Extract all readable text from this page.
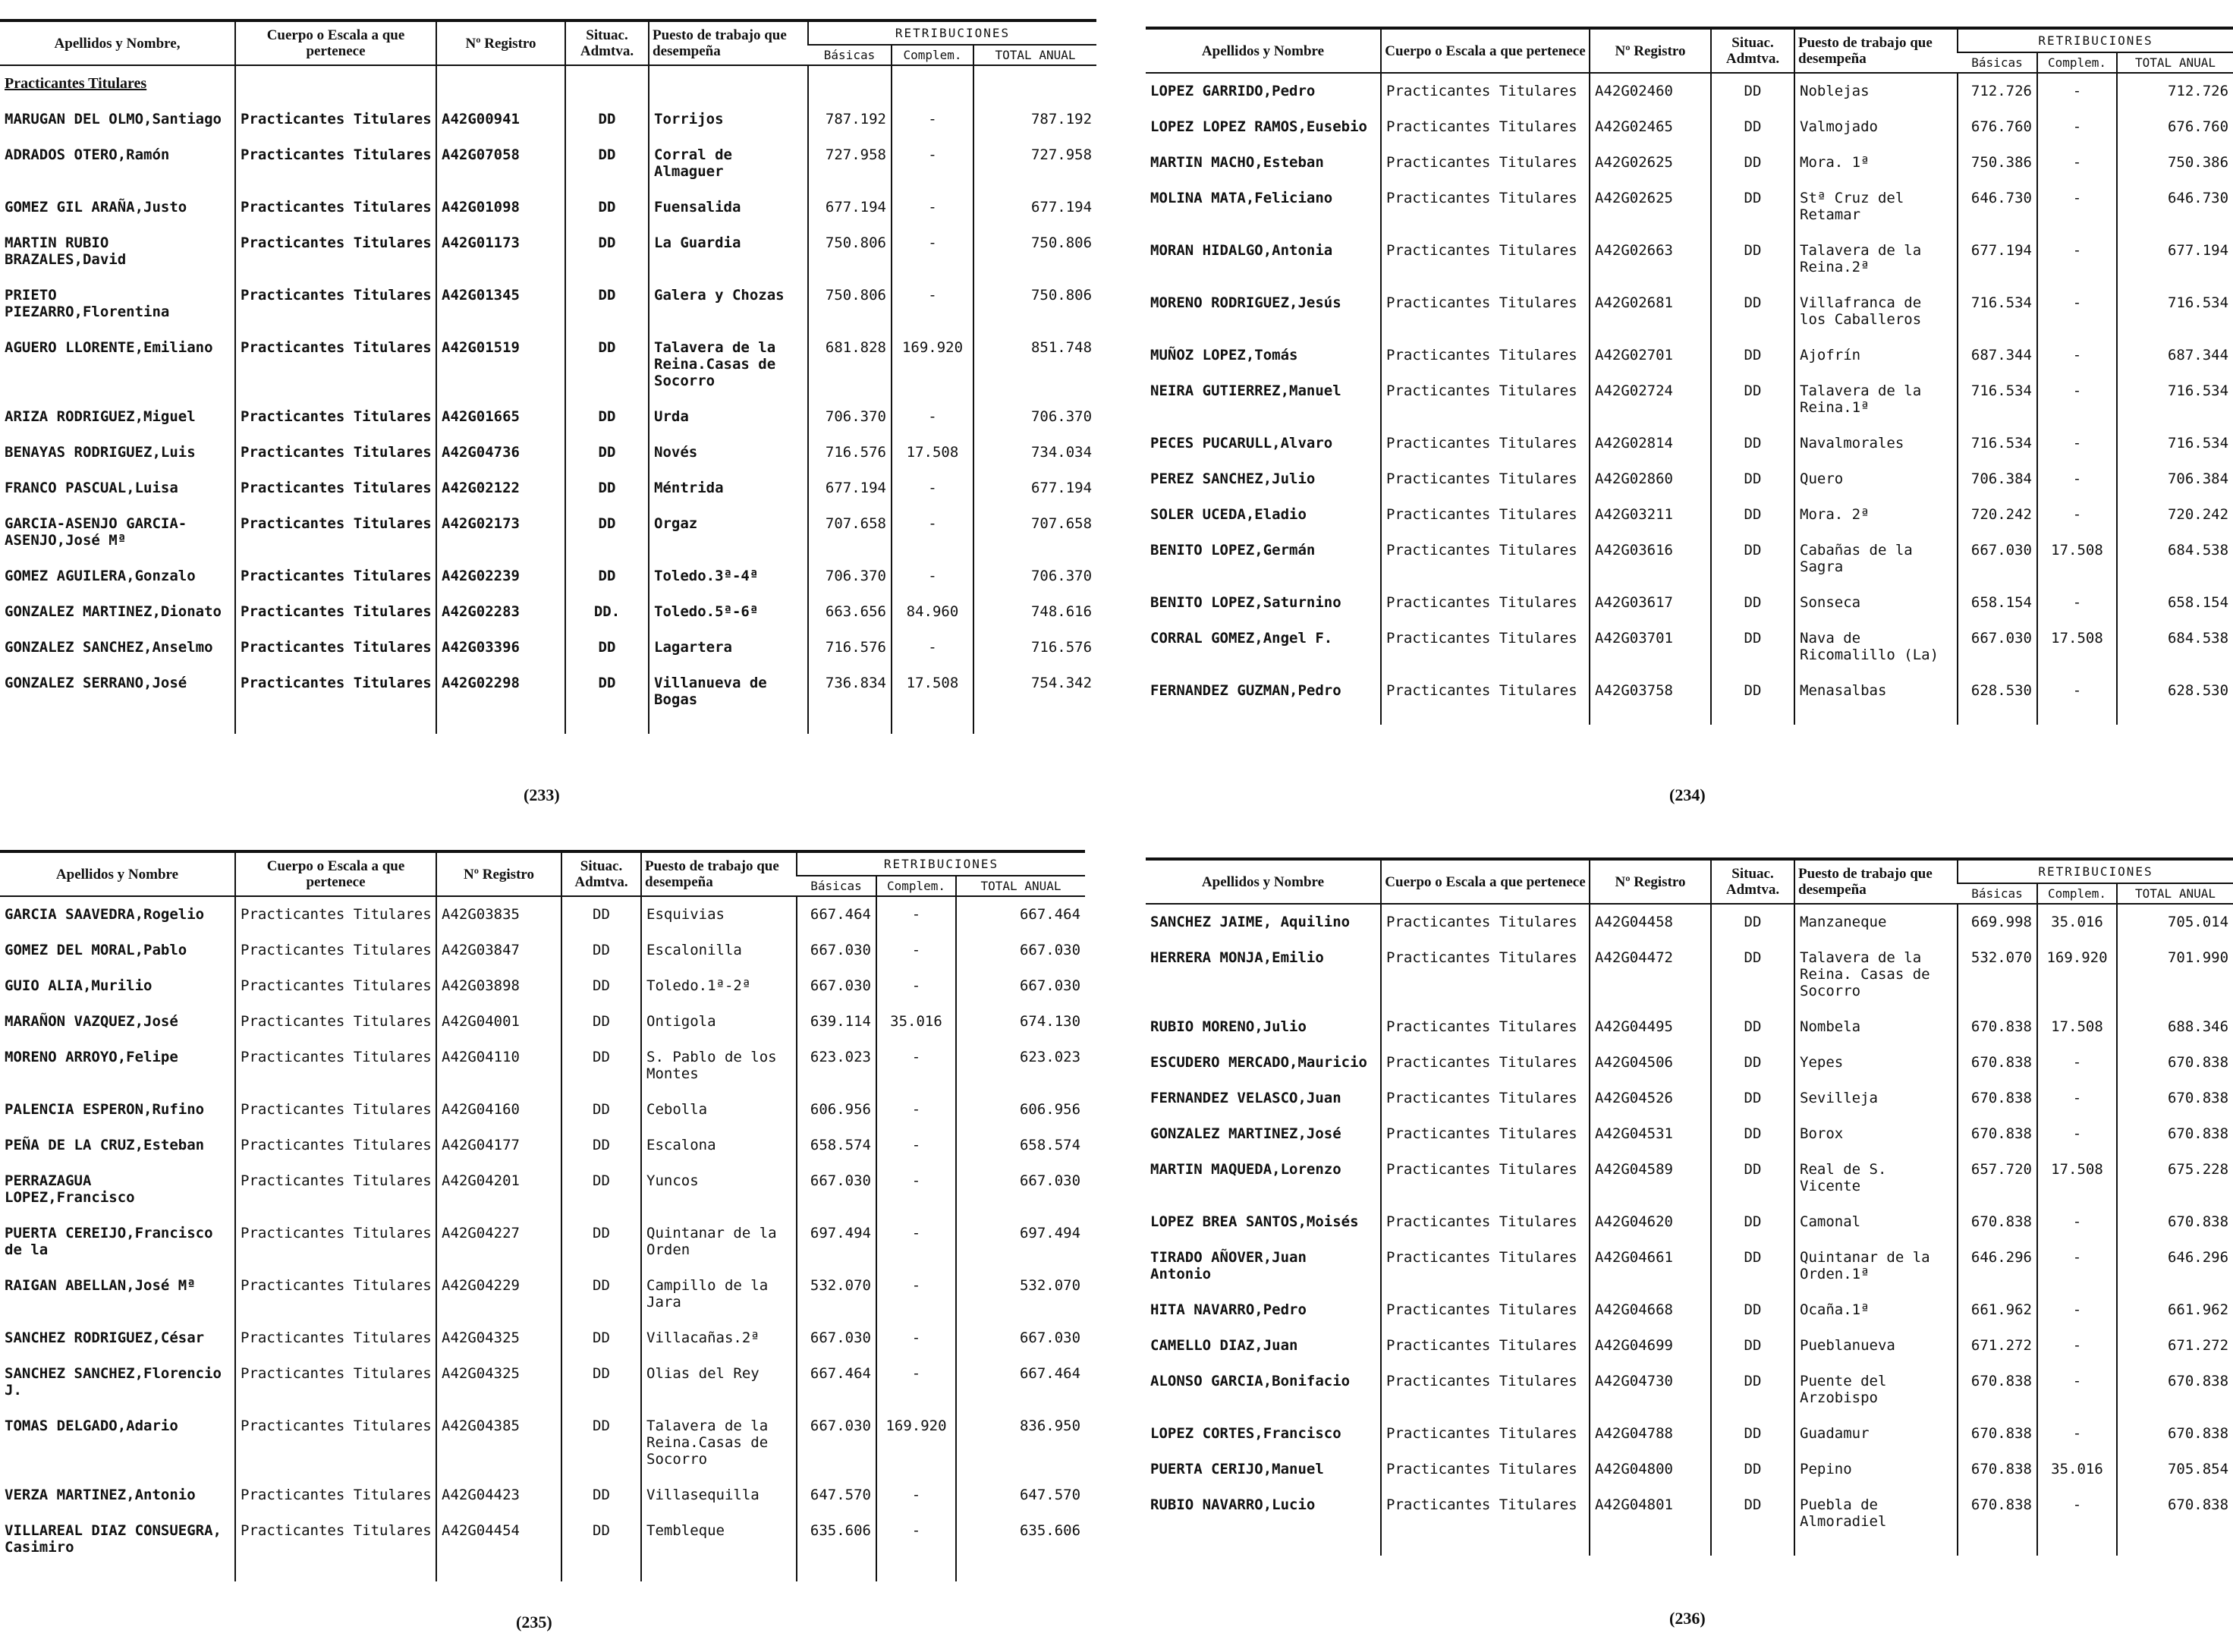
Apellidos y Nombre,	Cuerpo o Escala a que pertenece	Nº Registro	Situac. Admtva.	Puesto de trabajo que desempeña	RETRIBUCIONES		
					Básicas	Complem.	TOTAL ANUAL
Practicantes Titulares							
MARUGAN DEL OLMO,Santiago	Practicantes Titulares	A42G00941	DD	Torrijos	787.192	-	787.192
ADRADOS OTERO,Ramón	Practicantes Titulares	A42G07058	DD	Corral de Almaguer	727.958	-	727.958
GOMEZ GIL ARAÑA,Justo	Practicantes Titulares	A42G01098	DD	Fuensalida	677.194	-	677.194
MARTIN RUBIO BRAZALES,David	Practicantes Titulares	A42G01173	DD	La Guardia	750.806	-	750.806
PRIETO PIEZARRO,Florentina	Practicantes Titulares	A42G01345	DD	Galera y Chozas	750.806	-	750.806
AGUERO LLORENTE,Emiliano	Practicantes Titulares	A42G01519	DD	Talavera de la Reina.Casas de Socorro	681.828	169.920	851.748
ARIZA RODRIGUEZ,Miguel	Practicantes Titulares	A42G01665	DD	Urda	706.370	-	706.370
BENAYAS RODRIGUEZ,Luis	Practicantes Titulares	A42G04736	DD	Novés	716.576	17.508	734.034
FRANCO PASCUAL,Luisa	Practicantes Titulares	A42G02122	DD	Méntrida	677.194	-	677.194
GARCIA-ASENJO GARCIA-ASENJO,José Mª	Practicantes Titulares	A42G02173	DD	Orgaz	707.658	-	707.658
GOMEZ AGUILERA,Gonzalo	Practicantes Titulares	A42G02239	DD	Toledo.3ª-4ª	706.370	-	706.370
GONZALEZ MARTINEZ,Dionato	Practicantes Titulares	A42G02283	DD.	Toledo.5ª-6ª	663.656	84.960	748.616
GONZALEZ SANCHEZ,Anselmo	Practicantes Titulares	A42G03396	DD	Lagartera	716.576	-	716.576
GONZALEZ SERRANO,José	Practicantes Titulares	A42G02298	DD	Villanueva de Bogas	736.834	17.508	754.342
(233)
Apellidos y Nombre	Cuerpo o Escala a que pertenece	Nº Registro	Situac. Admtva.	Puesto de trabajo que desempeña	RETRIBUCIONES		
					Básicas	Complem.	TOTAL ANUAL
LOPEZ GARRIDO,Pedro	Practicantes Titulares	A42G02460	DD	Noblejas	712.726	-	712.726
LOPEZ LOPEZ RAMOS,Eusebio	Practicantes Titulares	A42G02465	DD	Valmojado	676.760	-	676.760
MARTIN MACHO,Esteban	Practicantes Titulares	A42G02625	DD	Mora. 1ª	750.386	-	750.386
MOLINA MATA,Feliciano	Practicantes Titulares	A42G02625	DD	Stª Cruz del Retamar	646.730	-	646.730
MORAN HIDALGO,Antonia	Practicantes Titulares	A42G02663	DD	Talavera de la Reina.2ª	677.194	-	677.194
MORENO RODRIGUEZ,Jesús	Practicantes Titulares	A42G02681	DD	Villafranca de los Caballeros	716.534	-	716.534
MUÑOZ LOPEZ,Tomás	Practicantes Titulares	A42G02701	DD	Ajofrín	687.344	-	687.344
NEIRA GUTIERREZ,Manuel	Practicantes Titulares	A42G02724	DD	Talavera de la Reina.1ª	716.534	-	716.534
PECES PUCARULL,Alvaro	Practicantes Titulares	A42G02814	DD	Navalmorales	716.534	-	716.534
PEREZ SANCHEZ,Julio	Practicantes Titulares	A42G02860	DD	Quero	706.384	-	706.384
SOLER UCEDA,Eladio	Practicantes Titulares	A42G03211	DD	Mora. 2ª	720.242	-	720.242
BENITO LOPEZ,Germán	Practicantes Titulares	A42G03616	DD	Cabañas de la Sagra	667.030	17.508	684.538
BENITO LOPEZ,Saturnino	Practicantes Titulares	A42G03617	DD	Sonseca	658.154	-	658.154
CORRAL GOMEZ,Angel F.	Practicantes Titulares	A42G03701	DD	Nava de Ricomalillo (La)	667.030	17.508	684.538
FERNANDEZ GUZMAN,Pedro	Practicantes Titulares	A42G03758	DD	Menasalbas	628.530	-	628.530
(234)
Apellidos y Nombre	Cuerpo o Escala a que pertenece	Nº Registro	Situac. Admtva.	Puesto de trabajo que desempeña	RETRIBUCIONES		
					Básicas	Complem.	TOTAL ANUAL
GARCIA SAAVEDRA,Rogelio	Practicantes Titulares	A42G03835	DD	Esquivias	667.464	-	667.464
GOMEZ DEL MORAL,Pablo	Practicantes Titulares	A42G03847	DD	Escalonilla	667.030	-	667.030
GUIO ALIA,Murilio	Practicantes Titulares	A42G03898	DD	Toledo.1ª-2ª	667.030	-	667.030
MARAÑON VAZQUEZ,José	Practicantes Titulares	A42G04001	DD	Ontigola	639.114	35.016	674.130
MORENO ARROYO,Felipe	Practicantes Titulares	A42G04110	DD	S. Pablo de los Montes	623.023	-	623.023
PALENCIA ESPERON,Rufino	Practicantes Titulares	A42G04160	DD	Cebolla	606.956	-	606.956
PEÑA DE LA CRUZ,Esteban	Practicantes Titulares	A42G04177	DD	Escalona	658.574	-	658.574
PERRAZAGUA LOPEZ,Francisco	Practicantes Titulares	A42G04201	DD	Yuncos	667.030	-	667.030
PUERTA CEREIJO,Francisco de la	Practicantes Titulares	A42G04227	DD	Quintanar de la Orden	697.494	-	697.494
RAIGAN ABELLAN,José Mª	Practicantes Titulares	A42G04229	DD	Campillo de la Jara	532.070	-	532.070
SANCHEZ RODRIGUEZ,César	Practicantes Titulares	A42G04325	DD	Villacañas.2ª	667.030	-	667.030
SANCHEZ SANCHEZ,Florencio J.	Practicantes Titulares	A42G04325	DD	Olias del Rey	667.464	-	667.464
TOMAS DELGADO,Adario	Practicantes Titulares	A42G04385	DD	Talavera de la Reina.Casas de Socorro	667.030	169.920	836.950
VERZA MARTINEZ,Antonio	Practicantes Titulares	A42G04423	DD	Villasequilla	647.570	-	647.570
VILLAREAL DIAZ CONSUEGRA, Casimiro	Practicantes Titulares	A42G04454	DD	Tembleque	635.606	-	635.606
(235)
Apellidos y Nombre	Cuerpo o Escala a que pertenece	Nº Registro	Situac. Admtva.	Puesto de trabajo que desempeña	RETRIBUCIONES		
					Básicas	Complem.	TOTAL ANUAL
SANCHEZ JAIME, Aquilino	Practicantes Titulares	A42G04458	DD	Manzaneque	669.998	35.016	705.014
HERRERA MONJA,Emilio	Practicantes Titulares	A42G04472	DD	Talavera de la Reina. Casas de Socorro	532.070	169.920	701.990
RUBIO MORENO,Julio	Practicantes Titulares	A42G04495	DD	Nombela	670.838	17.508	688.346
ESCUDERO MERCADO,Mauricio	Practicantes Titulares	A42G04506	DD	Yepes	670.838	-	670.838
FERNANDEZ VELASCO,Juan	Practicantes Titulares	A42G04526	DD	Sevilleja	670.838	-	670.838
GONZALEZ MARTINEZ,José	Practicantes Titulares	A42G04531	DD	Borox	670.838	-	670.838
MARTIN MAQUEDA,Lorenzo	Practicantes Titulares	A42G04589	DD	Real de S. Vicente	657.720	17.508	675.228
LOPEZ BREA SANTOS,Moisés	Practicantes Titulares	A42G04620	DD	Camonal	670.838	-	670.838
TIRADO AÑOVER,Juan Antonio	Practicantes Titulares	A42G04661	DD	Quintanar de la Orden.1ª	646.296	-	646.296
HITA NAVARRO,Pedro	Practicantes Titulares	A42G04668	DD	Ocaña.1ª	661.962	-	661.962
CAMELLO DIAZ,Juan	Practicantes Titulares	A42G04699	DD	Pueblanueva	671.272	-	671.272
ALONSO GARCIA,Bonifacio	Practicantes Titulares	A42G04730	DD	Puente del Arzobispo	670.838	-	670.838
LOPEZ CORTES,Francisco	Practicantes Titulares	A42G04788	DD	Guadamur	670.838	-	670.838
PUERTA CERIJO,Manuel	Practicantes Titulares	A42G04800	DD	Pepino	670.838	35.016	705.854
RUBIO NAVARRO,Lucio	Practicantes Titulares	A42G04801	DD	Puebla de Almoradiel	670.838	-	670.838
(236)
